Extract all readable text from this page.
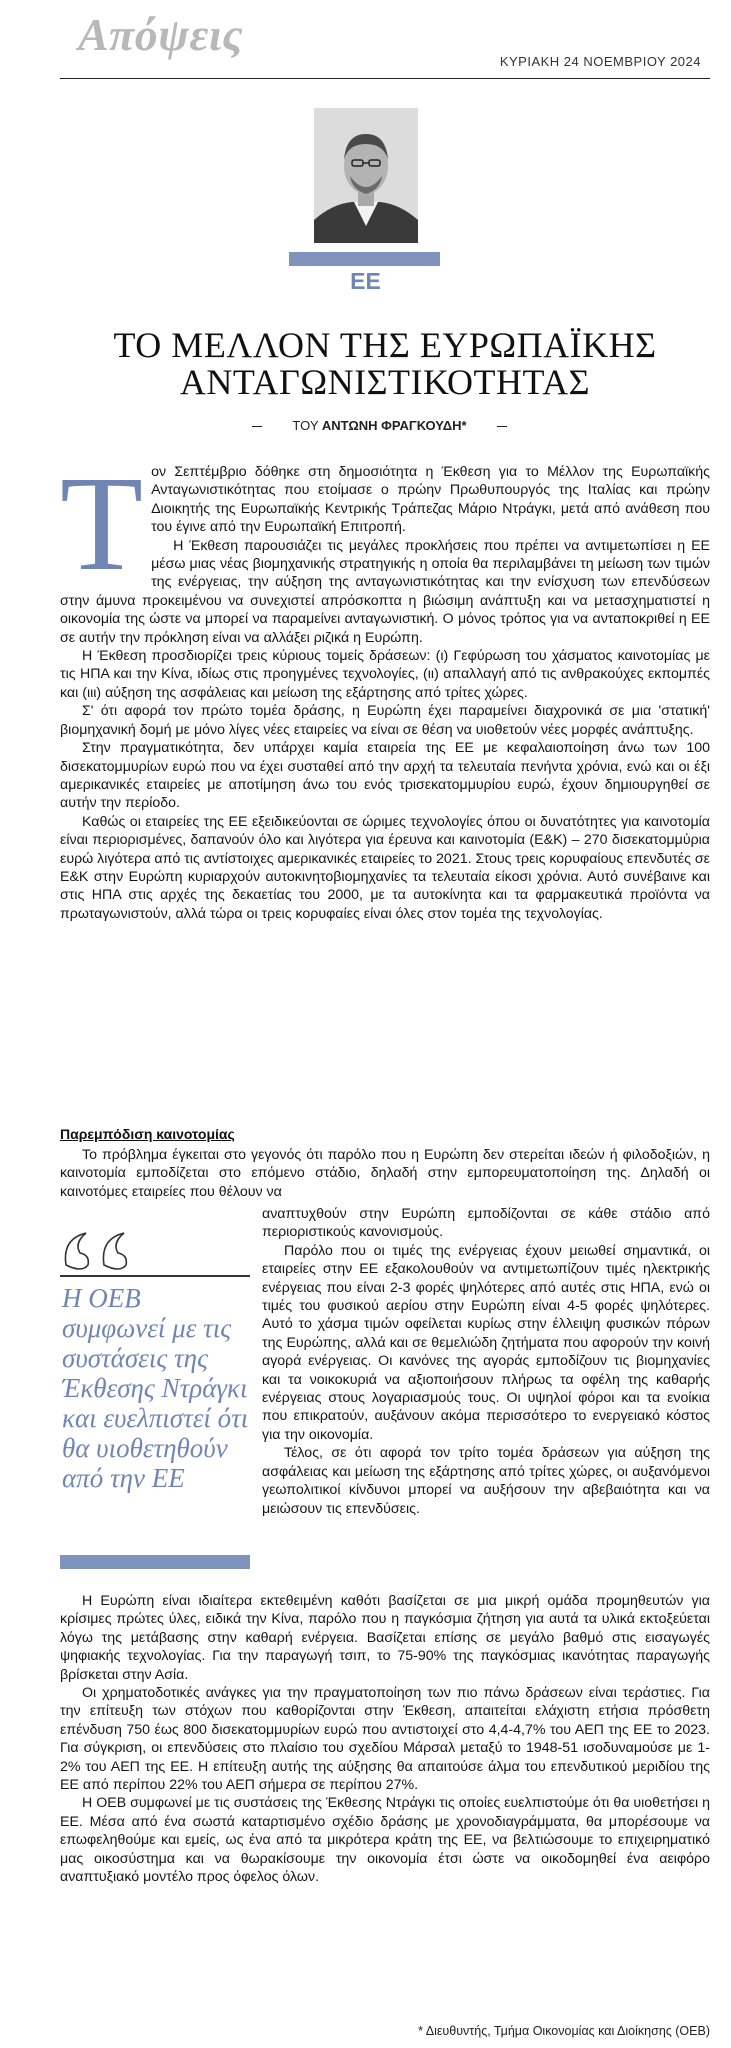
Απόψεις
ΚΥΡΙΑΚΗ 24 ΝΟΕΜΒΡΙΟΥ 2024
ΕΕ
ΤΟ ΜΕΛΛΟΝ ΤΗΣ ΕΥΡΩΠΑΪΚΗΣ
ΑΝΤΑΓΩΝΙΣΤΙΚΟΤΗΤΑΣ
ΤΟΥ ΑΝΤΩΝΗ ΦΡΑΓΚΟΥΔΗ*

Τον Σεπτέμβριο δόθηκε στη δημοσιότητα η Έκθεση για το Μέλλον της Ευρωπαϊκής Ανταγωνιστικότητας που ετοίμασε ο πρώην Πρωθυπουργός της Ιταλίας και πρώην Διοικητής της Ευρωπαϊκής Κεντρικής Τράπεζας Μάριο Ντράγκι, μετά από ανάθεση που του έγινε από την Ευρωπαϊκή Επιτροπή.

Η Έκθεση παρουσιάζει τις μεγάλες προκλήσεις που πρέπει να αντιμετωπίσει η ΕΕ μέσω μιας νέας βιομηχανικής στρατηγικής η οποία θα περιλαμβάνει τη μείωση των τιμών της ενέργειας, την αύξηση της ανταγωνιστικότητας και την ενίσχυση των επενδύσεων στην άμυνα προκειμένου να συνεχιστεί απρόσκοπτα η βιώσιμη ανάπτυξη και να μετασχηματιστεί η οικονομία της ώστε να μπορεί να παραμείνει ανταγωνιστική. Ο μόνος τρόπος για να ανταποκριθεί η ΕΕ σε αυτήν την πρόκληση είναι να αλλάξει ριζικά η Ευρώπη.

Η Έκθεση προσδιορίζει τρεις κύριους τομείς δράσεων: (ι) Γεφύρωση του χάσματος καινοτομίας με τις ΗΠΑ και την Κίνα, ιδίως στις προηγμένες τεχνολογίες, (ιι) απαλλαγή από τις ανθρακούχες εκπομπές και (ιιι) αύξηση της ασφάλειας και μείωση της εξάρτησης από τρίτες χώρες.

Σ' ότι αφορά τον πρώτο τομέα δράσης, η Ευρώπη έχει παραμείνει διαχρονικά σε μια 'στατική' βιομηχανική δομή με μόνο λίγες νέες εταιρείες να είναι σε θέση να υιοθετούν νέες μορφές ανάπτυξης.

Στην πραγματικότητα, δεν υπάρχει καμία εταιρεία της ΕΕ με κεφαλαιοποίηση άνω των 100 δισεκατομμυρίων ευρώ που να έχει συσταθεί από την αρχή τα τελευταία πενήντα χρόνια, ενώ και οι έξι αμερικανικές εταιρείες με αποτίμηση άνω του ενός τρισεκατομμυρίου ευρώ, έχουν δημιουργηθεί σε αυτήν την περίοδο.

Καθώς οι εταιρείες της ΕΕ εξειδικεύονται σε ώριμες τεχνολογίες όπου οι δυνατότητες για καινοτομία είναι περιορισμένες, δαπανούν όλο και λιγότερα για έρευνα και καινοτομία (Ε&Κ) – 270 δισεκατομμύρια ευρώ λιγότερα από τις αντίστοιχες αμερικανικές εταιρείες το 2021. Στους τρεις κορυφαίους επενδυτές σε Ε&Κ στην Ευρώπη κυριαρχούν αυτοκινητοβιομηχανίες τα τελευταία είκοσι χρόνια. Αυτό συνέβαινε και στις ΗΠΑ στις αρχές της δεκαετίας του 2000, με τα αυτοκίνητα και τα φαρμακευτικά προϊόντα να πρωταγωνιστούν, αλλά τώρα οι τρεις κορυφαίες είναι όλες στον τομέα της τεχνολογίας.

Παρεμπόδιση καινοτομίας

Το πρόβλημα έγκειται στο γεγονός ότι παρόλο που η Ευρώπη δεν στερείται ιδεών ή φιλοδοξιών, η καινοτομία εμποδίζεται στο επόμενο στάδιο, δηλαδή στην εμπορευματοποίηση της. Δηλαδή οι καινοτόμες εταιρείες που θέλουν να

Η ΟΕΒ συμφωνεί με τις συστάσεις της Έκθεσης Ντράγκι και ευελπιστεί ότι θα υιοθετηθούν από την ΕΕ

αναπτυχθούν στην Ευρώπη εμποδίζονται σε κάθε στάδιο από περιοριστικούς κανονισμούς.

Παρόλο που οι τιμές της ενέργειας έχουν μειωθεί σημαντικά, οι εταιρείες στην ΕΕ εξακολουθούν να αντιμετωπίζουν τιμές ηλεκτρικής ενέργειας που είναι 2-3 φορές ψηλότερες από αυτές στις ΗΠΑ, ενώ οι τιμές του φυσικού αερίου στην Ευρώπη είναι 4-5 φορές ψηλότερες. Αυτό το χάσμα τιμών οφείλεται κυρίως στην έλλειψη φυσικών πόρων της Ευρώπης, αλλά και σε θεμελιώδη ζητήματα που αφορούν την κοινή αγορά ενέργειας. Οι κανόνες της αγοράς εμποδίζουν τις βιομηχανίες και τα νοικοκυριά να αξιοποιήσουν πλήρως τα οφέλη της καθαρής ενέργειας στους λογαριασμούς τους. Οι υψηλοί φόροι και τα ενοίκια που επικρατούν, αυξάνουν ακόμα περισσότερο το ενεργειακό κόστος για την οικονομία.

Τέλος, σε ότι αφορά τον τρίτο τομέα δράσεων για αύξηση της ασφάλειας και μείωση της εξάρτησης από τρίτες χώρες, οι αυξανόμενοι γεωπολιτικοί κίνδυνοι μπορεί να αυξήσουν την αβεβαιότητα και να μειώσουν τις επενδύσεις.

Η Ευρώπη είναι ιδιαίτερα εκτεθειμένη καθότι βασίζεται σε μια μικρή ομάδα προμηθευτών για κρίσιμες πρώτες ύλες, ειδικά την Κίνα, παρόλο που η παγκόσμια ζήτηση για αυτά τα υλικά εκτοξεύεται λόγω της μετάβασης στην καθαρή ενέργεια. Βασίζεται επίσης σε μεγάλο βαθμό στις εισαγωγές ψηφιακής τεχνολογίας. Για την παραγωγή τσιπ, το 75-90% της παγκόσμιας ικανότητας παραγωγής βρίσκεται στην Ασία.

Οι χρηματοδοτικές ανάγκες για την πραγματοποίηση των πιο πάνω δράσεων είναι τεράστιες. Για την επίτευξη των στόχων που καθορίζονται στην Έκθεση, απαιτείται ελάχιστη ετήσια πρόσθετη επένδυση 750 έως 800 δισεκατομμυρίων ευρώ που αντιστοιχεί στο 4,4-4,7% του ΑΕΠ της ΕΕ το 2023. Για σύγκριση, οι επενδύσεις στο πλαίσιο του σχεδίου Μάρσαλ μεταξύ το 1948-51 ισοδυναμούσε με 1-2% του ΑΕΠ της ΕΕ. Η επίτευξη αυτής της αύξησης θα απαιτούσε άλμα του επενδυτικού μεριδίου της ΕΕ από περίπου 22% του ΑΕΠ σήμερα σε περίπου 27%.

Η ΟΕΒ συμφωνεί με τις συστάσεις της Έκθεσης Ντράγκι τις οποίες ευελπιστούμε ότι θα υιοθετήσει η ΕΕ. Μέσα από ένα σωστά καταρτισμένο σχέδιο δράσης με χρονοδιαγράμματα, θα μπορέσουμε να επωφεληθούμε και εμείς, ως ένα από τα μικρότερα κράτη της ΕΕ, να βελτιώσουμε το επιχειρηματικό μας οικοσύστημα και να θωρακίσουμε την οικονομία έτσι ώστε να οικοδομηθεί ένα αειφόρο αναπτυξιακό μοντέλο προς όφελος όλων.

* Διευθυντής, Τμήμα Οικονομίας και Διοίκησης (ΟΕΒ)
